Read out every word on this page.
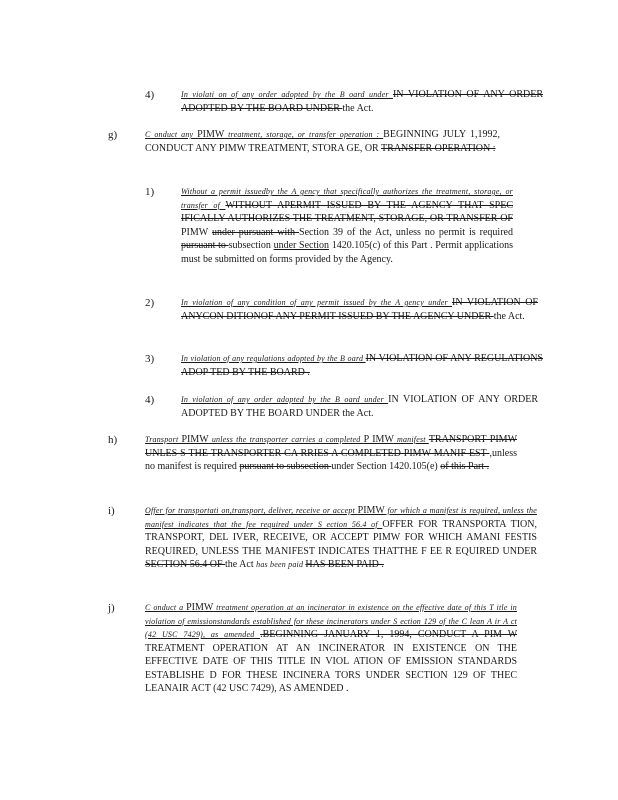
4)	In violati on of any order adopted by the B oard under IN VIOLATION OF ANY ORDER ADOPTED BY THE BOARD UNDER the Act.
g)	C onduct any PIMW treatment, storage, or transfer operation : BEGINNING JULY 1,1992, CONDUCT ANY PIMW TREATMENT, STORA GE, OR TRANSFER OPERATION :
1)	Without a permit issuedby the A gency that specifically authorizes the treatment, storage, or transfer of WITHOUT APERMIT ISSUED BY THE AGENCY THAT SPEC IFICALLY AUTHORIZES THE TREATMENT, STORAGE, OR TRANSFER OF PIMW under pursuant with Section 39 of the Act, unless no permit is required pursuant to subsection under Section 1420.105(c) of this Part . Permit applications must be submitted on forms provided by the Agency.
2)	In violation of any condition of any permit issued by the A gency under IN VIOLATION OF ANYCON DITIONOF ANY PERMIT ISSUED BY THE AGENCY UNDER the Act.
3)	In violation of any regulations adopted by the B oard IN VIOLATION OF ANY REGULATIONS ADOP TED BY THE BOARD .
4)	In violation of any order adopted by the B oard under IN VIOLATION OF ANY ORDER ADOPTED BY THE BOARD UNDER the Act.
h)	Transport PIMW unless the transporter carries a completed P IMW manifest TRANSPORT PIMW UNLES S THE TRANSPORTER CA RRIES A COMPLETED PIMW MANIF EST ,unless no manifest is required pursuant to subsection under Section 1420.105(e) of this Part .
i)	Offer for transportati on,transport, deliver, receive or accept PIMW for which a manifest is required, unless the manifest indicates that the fee required under S ection 56.4 of OFFER FOR TRANSPORTA TION, TRANSPORT, DEL IVER, RECEIVE, OR ACCEPT PIMW FOR WHICH AMANI FESTIS REQUIRED, UNLESS THE MANIFEST INDICATES THATTHE F EE R EQUIRED UNDER SECTION 56.4 OF the Act has been paid HAS BEEN PAID .
j)	C onduct a PIMW treatment operation at an incinerator in existence on the effective date of this T itle in violation of emissionstandards established for these incinerators under S ection 129 of the C lean A ir A ct (42 USC 7429), as amended .BEGINNING JANUARY 1, 1994, CONDUCT A PIM W TREATMENT OPERATION AT AN INCINERATOR IN EXISTENCE ON THE EFFECTIVE DATE OF THIS TITLE IN VIOL ATION OF EMISSION STANDARDS ESTABLISHE D FOR THESE INCINERA TORS UNDER SECTION 129 OF THEC LEANAIR ACT (42 USC 7429), AS AMENDED .
